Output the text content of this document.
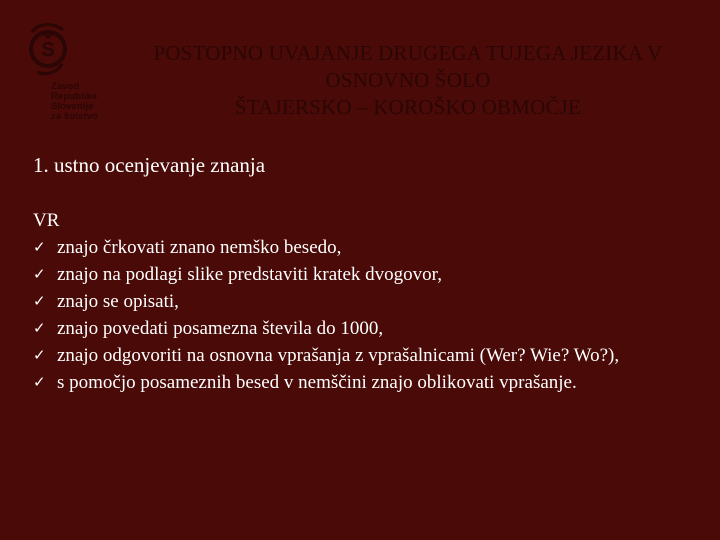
S
Zavod
Republike
Slovenije
za šolstvo
POSTOPNO UVAJANJE DRUGEGA TUJEGA JEZIKA V
OSNOVNO ŠOLO
ŠTAJERSKO – KOROŠKO OBMOČJE
1. ustno ocenjevanje znanja
VR
✓ znajo črkovati znano nemško besedo,
✓ znajo na podlagi slike predstaviti kratek dvogovor,
✓ znajo se opisati,
✓ znajo povedati posamezna števila do 1000,
✓ znajo odgovoriti na osnovna vprašanja z vprašalnicami (Wer? Wie? Wo?),
✓ s pomočjo posameznih besed v nemščini znajo oblikovati vprašanje.
